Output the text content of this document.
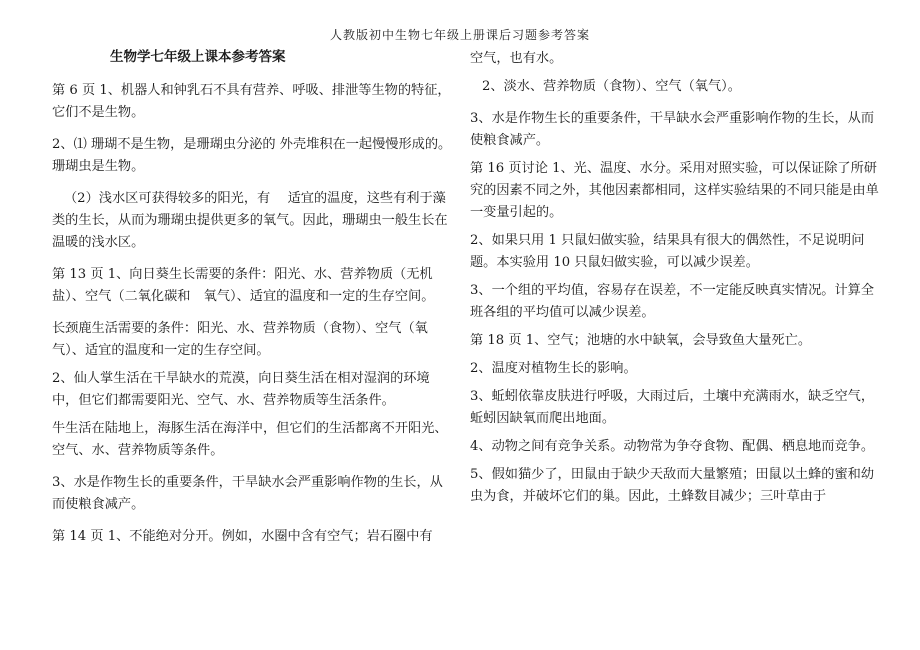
人教版初中生物七年级上册课后习题参考答案
生物学七年级上课本参考答案
第 6 页 1、机器人和钟乳石不具有营养、呼吸、排泄等生物的特征，它们不是生物。
2、⑴ 珊瑚不是生物，是珊瑚虫分泌的 外壳堆积在一起慢慢形成的。珊瑚虫是生物。
（2）浅水区可获得较多的阳光，有　 适宜的温度，这些有利于藻类的生长，从而为珊瑚虫提供更多的氧气。因此，珊瑚虫一般生长在温暖的浅水区。
第 13 页 1、向日葵生长需要的条件：阳光、水、营养物质（无机盐）、空气（二氧化碳和　氧气）、适宜的温度和一定的生存空间。
长颈鹿生活需要的条件：阳光、水、营养物质（食物）、空气（氧气）、适宜的温度和一定的生存空间。
2、仙人掌生活在干旱缺水的荒漠，向日葵生活在相对湿润的环境中，但它们都需要阳光、空气、水、营养物质等生活条件。
牛生活在陆地上，海豚生活在海洋中，但它们的生活都离不开阳光、空气、水、营养物质等条件。
3、水是作物生长的重要条件，干旱缺水会严重影响作物的生长，从而使粮食减产。
第 14 页 1、不能绝对分开。例如，水圈中含有空气；岩石圈中有
空气，也有水。
2、淡水、营养物质（食物）、空气（氧气）。
3、水是作物生长的重要条件，干旱缺水会严重影响作物的生长，从而使粮食减产。
第 16 页讨论 1、光、温度、水分。采用对照实验，可以保证除了所研究的因素不同之外，其他因素都相同，这样实验结果的不同只能是由单一变量引起的。
2、如果只用 1 只鼠妇做实验，结果具有很大的偶然性，不足说明问题。本实验用 10 只鼠妇做实验，可以减少误差。
3、一个组的平均值，容易存在误差，不一定能反映真实情况。计算全班各组的平均值可以减少误差。
第 18 页 1、空气；池塘的水中缺氧，会导致鱼大量死亡。
2、温度对植物生长的影响。
3、蚯蚓依靠皮肤进行呼吸，大雨过后，土壤中充满雨水，缺乏空气，蚯蚓因缺氧而爬出地面。
4、动物之间有竞争关系。动物常为争夺食物、配偶、栖息地而竞争。
5、假如猫少了，田鼠由于缺少天敌而大量繁殖；田鼠以土蜂的蜜和幼虫为食，并破坏它们的巢。因此，土蜂数目减少；三叶草由于
